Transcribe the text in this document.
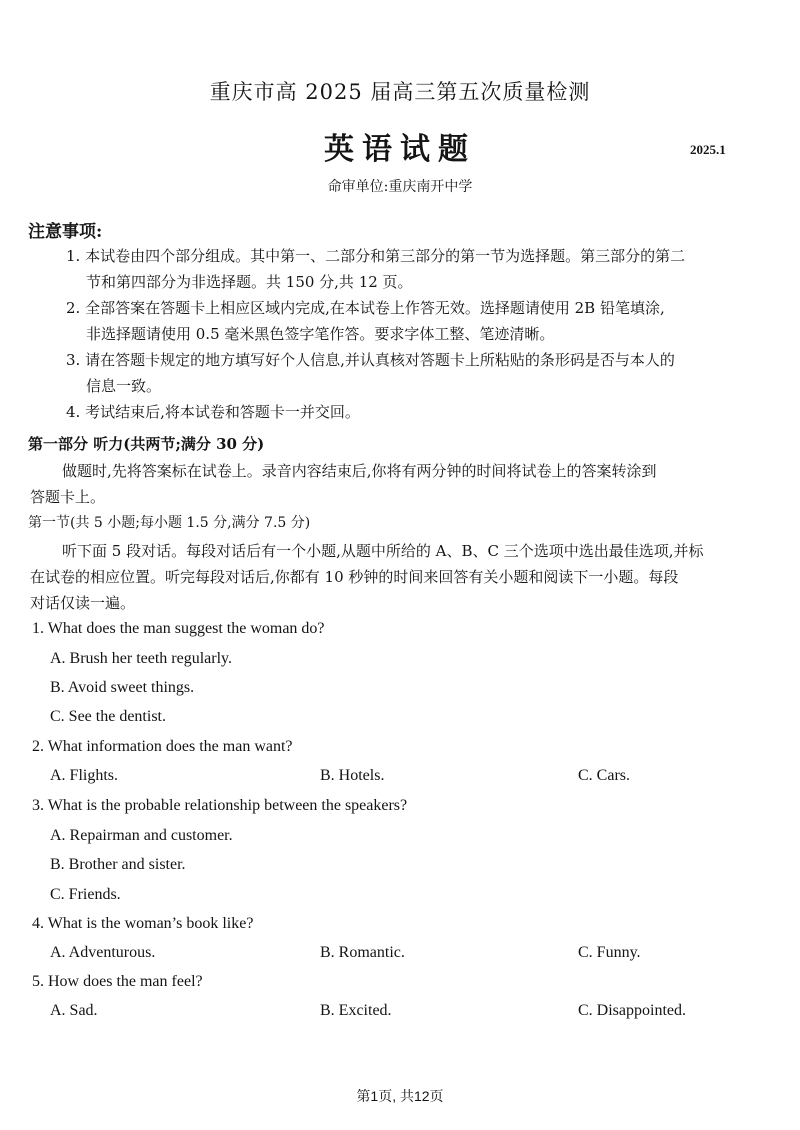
重庆市高 2025 届高三第五次质量检测
英语试题	2025.1
命审单位:重庆南开中学
注意事项:
1. 本试卷由四个部分组成。其中第一、二部分和第三部分的第一节为选择题。第三部分的第二
节和第四部分为非选择题。共 150 分,共 12 页。
2. 全部答案在答题卡上相应区域内完成,在本试卷上作答无效。选择题请使用 2B 铅笔填涂,
非选择题请使用 0.5 毫米黑色签字笔作答。要求字体工整、笔迹清晰。
3. 请在答题卡规定的地方填写好个人信息,并认真核对答题卡上所粘贴的条形码是否与本人的
信息一致。
4. 考试结束后,将本试卷和答题卡一并交回。
第一部分 听力(共两节;满分 30 分)
做题时,先将答案标在试卷上。录音内容结束后,你将有两分钟的时间将试卷上的答案转涂到
答题卡上。
第一节(共 5 小题;每小题 1.5 分,满分 7.5 分)
听下面 5 段对话。每段对话后有一个小题,从题中所给的 A、B、C 三个选项中选出最佳选项,并标
在试卷的相应位置。听完每段对话后,你都有 10 秒钟的时间来回答有关小题和阅读下一小题。每段
对话仅读一遍。
1. What does the man suggest the woman do?
A. Brush her teeth regularly.
B. Avoid sweet things.
C. See the dentist.
2. What information does the man want?
A. Flights.	B. Hotels.	C. Cars.
3. What is the probable relationship between the speakers?
A. Repairman and customer.
B. Brother and sister.
C. Friends.
4. What is the woman’s book like?
A. Adventurous.	B. Romantic.	C. Funny.
5. How does the man feel?
A. Sad.	B. Excited.	C. Disappointed.
第1页, 共12页
